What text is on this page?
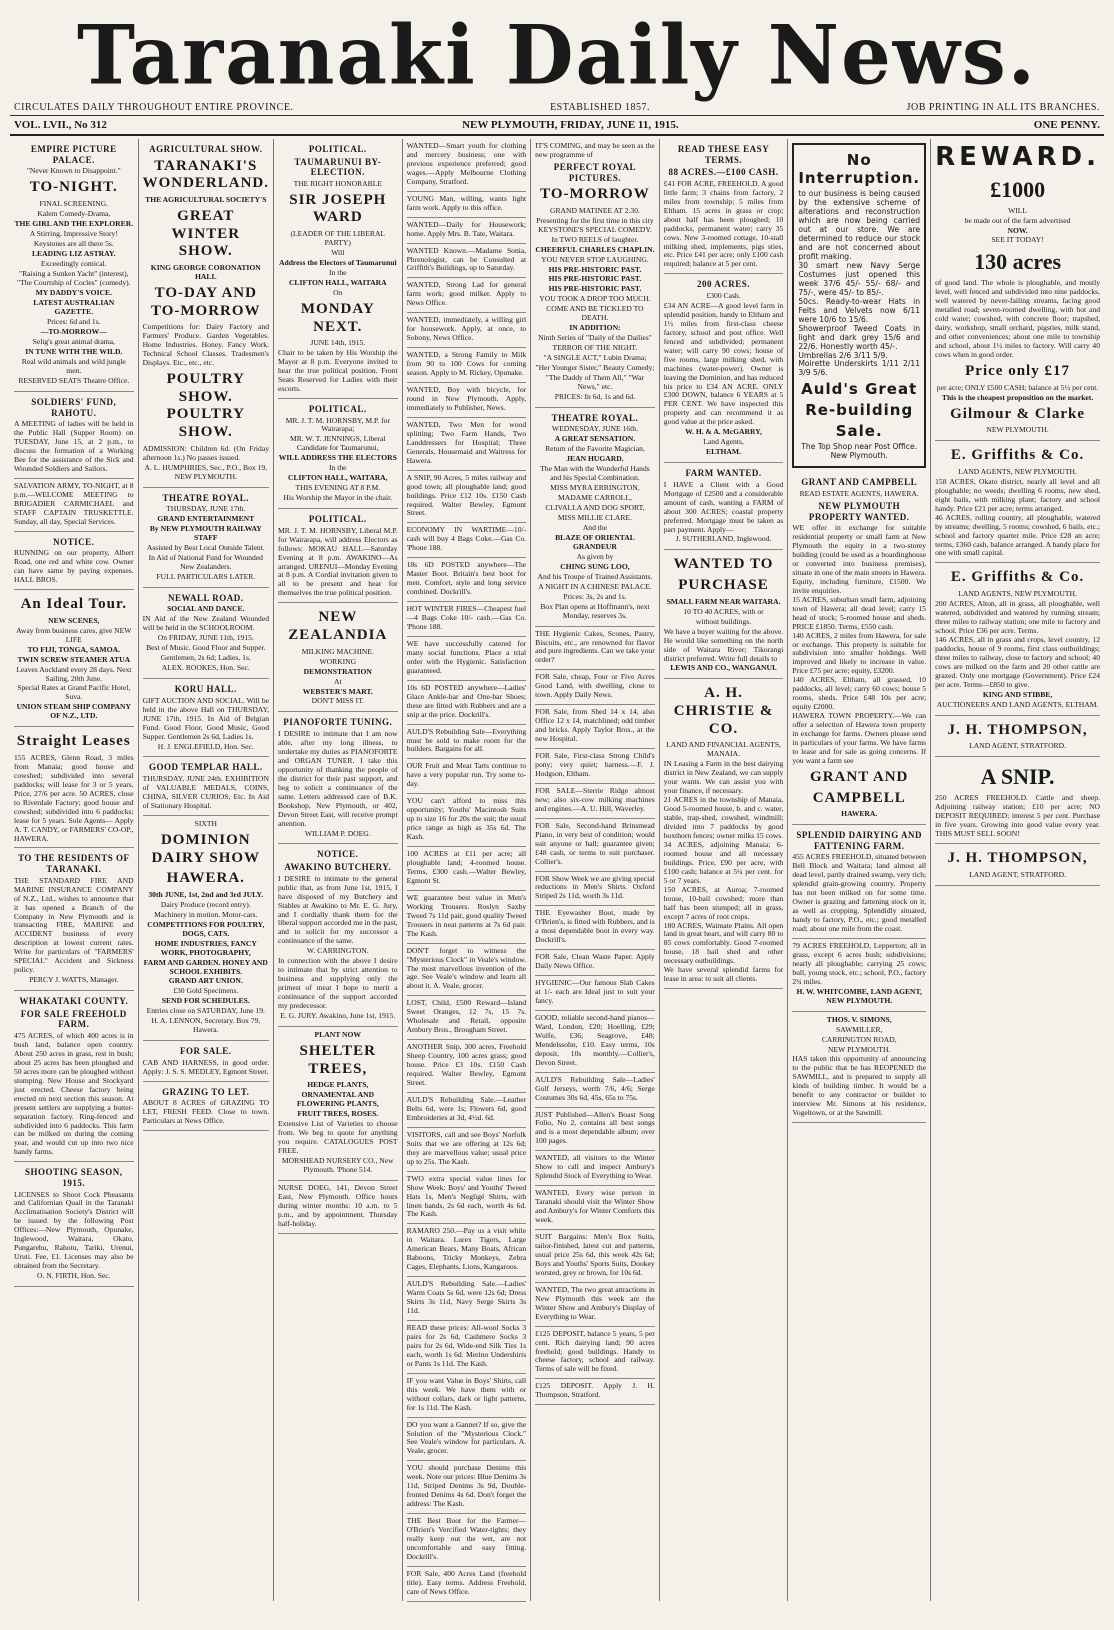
Taranaki Daily News.
CIRCULATES DAILY THROUGHOUT ENTIRE PROVINCE.	ESTABLISHED 1857.	JOB PRINTING IN ALL ITS BRANCHES.
VOL. LVII., No 312	NEW PLYMOUTH, FRIDAY, JUNE 11, 1915.	ONE PENNY.
EMPIRE PICTURE PALACE.
"Never Known to Disappoint."
TO-NIGHT.
FINAL SCREENING.
Kalem Comedy-Drama,
THE GIRL AND THE EXPLORER.
A Stirring, Impressive Story!
Keystones are all there 5s.
LEADING LIZ ASTRAY.
Exceedingly comical.
"Raising a Sunken Yacht" (interest),
"The Courtship of Cocles" (comedy).
MY DADDY'S VOICE.
LATEST AUSTRALIAN GAZETTE.
Prices: 6d and 1s.
—TO-MORROW—
Selig's great animal drama,
IN TUNE WITH THE WILD.
Real wild animals and wild jungle men.
RESERVED SEATS Theatre Office.
SOLDIERS' FUND, RAHOTU.
A MEETING of ladies will be held in the Public Hall (Supper Room) on TUESDAY, June 15, at 2 p.m., to discuss the formation of a Working Bee for the assistance of the Sick and Wounded Soldiers and Sailors.
SALVATION ARMY, TO-NIGHT, at 8 p.m.—WELCOME MEETING to BRIGADIER CARMICHAEL and STAFF CAPTAIN TRUSKETTLE. Sunday, all day, Special Services.
NOTICE.
RUNNING on our property, Albert Road, one red and white cow. Owner can have same by paying expenses. HALL BROS.
An Ideal Tour.
NEW SCENES,
Away from business cares, give NEW LIFE
TO FIJI, TONGA, SAMOA.
TWIN SCREW STEAMER ATUA
Leaves Auckland every 28 days. Next Sailing, 20th June.
Special Rates at Grand Pacific Hotel, Suva.
UNION STEAM SHIP COMPANY OF N.Z., LTD.
Straight Leases
155 ACRES, Glenn Road, 3 miles from Manaia; good house and cowshed; subdivided into several paddocks; will lease for 3 or 5 years. Price, 27/6 per acre. 50 ACRES, close to Riverdale Factory; good house and cowshed; subdivided into 6 paddocks; lease for 5 years. Sole Agents— Apply A. T. CANDY, or FARMERS' CO-OP., HAWERA.
TO THE RESIDENTS OF TARANAKI.
THE STANDARD FIRE AND MARINE INSURANCE COMPANY of N.Z., Ltd., wishes to announce that it has opened a Branch of the Company in New Plymouth and is transacting FIRE, MARINE and ACCIDENT business of every description at lowest current rates. Write for particulars of "FARMERS' SPECIAL" Accident and Sickness policy.
PERCY J. WATTS, Manager.
WHAKATAKI COUNTY.
FOR SALE FREEHOLD FARM.
475 ACRES, of which 400 acres is in bush land, balance open country. About 250 acres in grass, rest in bush; about 25 acres has been ploughed and 50 acres more can be ploughed without stumping. New House and Stockyard just erected. Cheese factory being erected on next section this season. At present settlers are supplying a butter-separation factory. Ring-fenced and subdivided into 6 paddocks. This farm can be milked on during the coming year, and would cut up into two nice handy farms.
SHOOTING SEASON, 1915.
LICENSES to Shoot Cock Pheasants and Californian Quail in the Taranaki Acclimatisation Society's District will be issued by the following Post Offices:—New Plymouth, Opunake, Inglewood, Waitara, Okato, Pungarehu, Rahotu, Tariki, Urenui, Uruti. Fee, £1. Licenses may also be obtained from the Secretary.
O. N. FIRTH, Hon. Sec.
AGRICULTURAL SHOW.
TARANAKI'S WONDERLAND.
THE AGRICULTURAL SOCIETY'S
GREAT WINTER SHOW.
KING GEORGE CORONATION HALL
TO-DAY AND TO-MORROW
Competitions for: Dairy Factory and Farmers' Produce. Garden Vegetables. Home Industries. Honey. Fancy Work. Technical School Classes. Tradesmen's Displays. Etc., etc., etc.
POULTRY SHOW. POULTRY SHOW.
ADMISSION: Children 6d. (On Friday afternoon 1s.) No passes issued.
A. L. HUMPHRIES, Sec., P.O., Box 19, NEW PLYMOUTH.
THEATRE ROYAL.
THURSDAY, JUNE 17th.
GRAND ENTERTAINMENT
By NEW PLYMOUTH RAILWAY STAFF
Assisted by Best Local Outside Talent.
In Aid of National Fund for Wounded New Zealanders.
FULL PARTICULARS LATER.
NEWALL ROAD.
SOCIAL AND DANCE.
IN Aid of the New Zealand Wounded will be held in the SCHOOLROOM.
On FRIDAY, JUNE 11th, 1915.
Best of Music. Good Floor and Supper.
Gentlemen, 2s 6d; Ladies, 1s.
ALEX. ROOKES, Hon. Sec.
KORU HALL.
GIFT AUCTION AND SOCIAL. Will be held in the above Hall on THURSDAY, JUNE 17th, 1915. In Aid of Belgian Fund. Good Floor, Good Music, Good Supper. Gentlemen 2s 6d, Ladies 1s.
H. J. ENGLEFIELD, Hon. Sec.
GOOD TEMPLAR HALL.
THURSDAY, JUNE 24th. EXHIBITION of VALUABLE MEDALS, COINS, CHINA, SILVER CURIOS, Etc. In Aid of Stationary Hospital.
SIXTH
DOMINION DAIRY SHOW
HAWERA.
30th JUNE, 1st, 2nd and 3rd JULY.
Dairy Produce (record entry).
Machinery in motion. Motor-cars.
COMPETITIONS FOR POULTRY, DOGS, CATS.
HOME INDUSTRIES, FANCY WORK, PHOTOGRAPHY,
FARM AND GARDEN. HONEY AND SCHOOL EXHIBITS.
GRAND ART UNION.
£30 Gold Specimens.
SEND FOR SCHEDULES.
Entries close on SATURDAY, June 19.
H. A. LENNON, Secretary. Box 79, Hawera.
FOR SALE.
CAB AND HARNESS, in good order. Apply: J. S. S. MEDLEY, Egmont Street.
GRAZING TO LET.
ABOUT 8 ACRES of GRAZING TO LET, FRESH FEED. Close to town. Particulars at News Office.
POLITICAL.
TAUMARUNUI BY-ELECTION.
THE RIGHT HONORABLE
SIR JOSEPH WARD
(LEADER OF THE LIBERAL PARTY)
Will
Address the Electors of Taumarunui
In the
CLIFTON HALL, WAITARA
On
MONDAY NEXT.
JUNE 14th, 1915.
Chair to be taken by His Worship the Mayor at 8 p.m. Everyone invited to hear the true political position. Front Seats Reserved for Ladies with their escorts.
POLITICAL.
MR. J. T. M. HORNSBY, M.P. for Wairarapa;
MR. W. T. JENNINGS, Liberal Candidate for Taumarunui,
WILL ADDRESS THE ELECTORS
In the
CLIFTON HALL, WAITARA,
THIS EVENING AT 8 P.M.
His Worship the Mayor in the chair.
POLITICAL.
MR. J. T. M. HORNSBY, Liberal M.P. for Wairarapa, will address Electors as follows: MOKAU HALL—Saturday Evening at 8 p.m. AWAKINO—As arranged. URENUI—Monday Evening at 8 p.m. A Cordial invitation given to all to be present and hear for themselves the true political position.
NEW ZEALANDIA
MILKING MACHINE.
WORKING
DEMONSTRATION
At
WEBSTER'S MART.
DON'T MISS IT.
PIANOFORTE TUNING.
I DESIRE to intimate that I am now able, after my long illness, to undertake my duties as PIANOFORTE and ORGAN TUNER. I take this opportunity of thanking the people of the district for their past support, and beg to solicit a continuance of the same. Letters addressed care of B.K. Bookshop, New Plymouth, or 402, Devon Street East, will receive prompt attention.
WILLIAM P. DOEG.
NOTICE.
AWAKINO BUTCHERY.
I DESIRE to intimate to the general public that, as from June 1st, 1915, I have disposed of my Butchery and Stables at Awakino to Mr. E. G. Jury, and I cordially thank them for the liberal support accorded me in the past, and to solicit for my successor a continuance of the same.
W. CARRINGTON.
In connection with the above I desire to intimate that by strict attention to business and supplying only the primest of meat I hope to merit a continuance of the support accorded my predecessor.
E. G. JURY. Awakino, June 1st, 1915.
PLANT NOW
SHELTER TREES,
HEDGE PLANTS,
ORNAMENTAL AND FLOWERING PLANTS,
FRUIT TREES, ROSES.
Extensive List of Varieties to choose from. We beg to quote for anything you require. CATALOGUES POST FREE.
MORSHEAD NURSERY CO., New Plymouth. 'Phone 514.
NURSE DOEG, 141, Devon Street East, New Plymouth. Office hours during winter months: 10 a.m. to 5 p.m., and by appointment. Thursday half-holiday.
WANTED—Smart youth for clothing and mercery business; one with previous experience preferred; good wages.—Apply Melbourne Clothing Company, Stratford.
YOUNG Man, willing, wants light farm work. Apply to this office.
WANTED—Daily for Housework; home. Apply Mrs. B. Tate, Waitara.
WANTED Known.—Madame Sonia, Phrenologist, can be Consulted at Griffith's Buildings, up to Saturday.
WANTED, Strong Lad for general farm work; good milker. Apply to News Office.
WANTED, immediately, a willing girl for housework. Apply, at once, to Sobony, News Office.
WANTED, a Strong Family to Milk from 90 to 100 Cows for coming season. Apply to M. Rickey, Opunake.
WANTED, Boy with bicycle, for round in New Plymouth. Apply, immediately to Publisher, News.
WANTED, Two Men for wood splitting; Two Farm Hands, Two Landdressers for Hospital; Three Generals, Housemaid and Waitress for Hawera.
A SNIP, 90 Acres, 5 miles railway and good town; all ploughable land; good buildings. Price £12 10s. £150 Cash required. Walter Bewley, Egmont Street.
ECONOMY IN WARTIME—10/- cash will buy 4 Bags Coke.—Gas Co. 'Phone 188.
18s 6D POSTED anywhere—The Master Boot. Britain's best boot for men. Comfort, style and long service combined. Dockrill's.
HOT WINTER FIRES—Cheapest fuel—4 Bags Coke 10/- cash.—Gas Co. 'Phone 188.
WE have successfully catered for many social functions. Place a trial order with the Hygienic. Satisfaction guaranteed.
10s 6D POSTED anywhere—Ladies' Glace Ankle-bar and One-bar Shoes; these are fitted with Rubbers and are a snip at the price. Dockrill's.
AULD'S Rebuilding Sale—Everything must be sold to make room for the builders. Bargains for all.
OUR Fruit and Meat Tarts continue to have a very popular run. Try some to-day.
YOU can't afford to miss this opportunity; Youths' Macintosh Suits up to size 16 for 20s the suit; the usual price range as high as 35s 6d. The Kash.
100 ACRES at £11 per acre; all ploughable land; 4-roomed house. Terms, £300 cash.—Walter Bewley, Egmont St.
WE guarantee best value in Men's Working Trousers. Roslyn Saxby Tweed 7s 11d pair, good quality Tweed Trousers in neat patterns at 7s 6d pair. The Kash.
DON'T forget to witness the "Mysterious Clock" in Veale's window. The most marvellous invention of the age. See Veale's window and learn all about it. A. Veale, grocer.
LOST, Child, £500 Reward—Island Sweet Oranges, 12 7s, 15 7s. Wholesale and Retail, opposite Ambury Bros., Brougham Street.
ANOTHER Snip, 300 acres, Freehold Sheep Country, 100 acres grass; good house. Price £3 10s. £150 Cash required. Walter Bewley, Egmont Street.
AULD'S Rebuilding Sale.—Leather Belts 6d, were 1s; Flowers 6d, good Embroideries at 3d, 4½d. 6d.
VISITORS, call and see Boys' Norfolk Suits that we are offering at 12s 6d; they are marvellous value; usual price up to 25s. The Kash.
TWO extra special value lines for Show Week: Boys' and Youths' Tweed Hats 1s, Men's Negligé Shirts, with linen bands, 2s 6d each, worth 4s 6d. The Kash.
RAMARO 250.—Pay us a visit while in Waitara. Lurex Tigers, Large American Bears, Many Boats, African Baboons, Tricky Monkeys, Zebra Cages, Elephants, Lions, Kangaroos.
AULD'S Rebuilding Sale.—Ladies' Warm Coats 5s 6d, were 12s 6d; Dress Skirts 3s 11d, Navy Serge Skirts 3s 11d.
READ these prices: All-wool Socks 3 pairs for 2s 6d, Cashmere Socks 3 pairs for 2s 6d, Wide-end Silk Ties 1s each, worth 1s 6d. Merino Undershirts or Pants 1s 11d. The Kash.
IF you want Value in Boys' Shirts, call this week. We have them with or without collars, dark or light patterns, for 1s 11d. The Kash.
DO you want a Gannet? If so, give the Solution of the "Mysterious Clock." See Veale's window for particulars. A. Veale, grocer.
YOU should purchase Denims this week. Note our prices: Blue Denims 3s 11d, Striped Denims 3s 9d, Double-fronted Denims 4s 6d. Don't forget the address: The Kash.
THE Best Boot for the Farmer—O'Brien's Vercified Water-tights; they really keep out the wet, are not uncomfortable and easy fitting. Dockrill's.
FOR Sale, 400 Acres Land (freehold title). Easy terms. Address Freehold, care of News Office.
IT'S COMING, and may be seen as the new programme of
PERFECT ROYAL PICTURES.
TO-MORROW
GRAND MATINEE AT 2.30.
Presenting for the first time in this city KEYSTONE'S SPECIAL COMEDY.
In TWO REELS of laughter.
CHEERFUL CHARLES CHAPLIN.
YOU NEVER STOP LAUGHING.
HIS PRE-HISTORIC PAST.
HIS PRE-HISTORIC PAST.
HIS PRE-HISTORIC PAST.
YOU TOOK A DROP TOO MUCH.
COME AND BE TICKLED TO DEATH.
IN ADDITION:
Ninth Series of "Daily of the Dailies"
TERROR OF THE NIGHT.
"A SINGLE ACT," Lubin Drama;
"Her Younger Sister," Beauty Comedy;
"The Daddy of Them All," "War News," etc.
PRICES: In 6d, 1s and 6d.
THEATRE ROYAL.
WEDNESDAY, JUNE 16th.
A GREAT SENSATION.
Return of the Favorite Magician,
JEAN HUGARD.
The Man with the Wonderful Hands and his Special Combination.
MISS MYRA ERRINGTON,
MADAME CARROLL,
CLIVALLA AND DOG SPORT,
MISS MILLIE CLARE.
And the
BLAZE OF ORIENTAL GRANDEUR
As given by
CHING SUNG LOO,
And his Troupe of Trained Assistants.
A NIGHT IN A CHINESE PALACE.
Prices: 3s, 2s and 1s.
Box Plan opens at Hoffmann's, next Monday, reserves 3s.
THE Hygienic Cakes, Scones, Pastry, Biscuits, etc., are renowned for flavor and pure ingredients. Can we take your order?
FOR Sale, cheap, Four or Five Acres Good Land, with dwelling, close to town. Apply Daily News.
FOR Sale, from Shed 14 x 14, also Office 12 x 14, matchlined; odd timber and bricks. Apply Taylor Bros., at the new Hospital.
FOR Sale, First-class Strong Child's pony; very quiet; harness.—F. J. Hodgson, Eltham.
FOR SALE—Sterrie Ridge almost new; also six-cow milking machines and engines.—A. U. Hill, Waverley.
FOR Sale, Second-hand Brinsmead Piano, in very best of condition; would suit anyone or hall; guarantee given; £48 cash, or terms to suit purchaser. Collier's.
FOR Show Week we are giving special reductions in Men's Shirts. Oxford Striped 2s 11d, worth 3s 11d.
THE Eyewasher Boot, made by O'Brien's, is fitted with Rubbers, and is a most dependable boot in every way. Dockrill's.
FOR Sale, Clean Waste Paper. Apply Daily News Office.
HYGIENIC—Our famous Slab Cakes at 1/- each are Ideal just to suit your fancy.
GOOD, reliable second-hand pianos—Ward, London, £20; Hoelling, £29; Wulfe, £36; Seagrove, £48; Mendelssohn, £10. Easy terms, 10s deposit, 10s monthly.—Collier's, Devon Street.
AULD'S Rebuilding Sale—Ladies' Golf Jerseys, worth 7/6, 4/6; Serge Costumes 30s 6d, 45s, 65s to 75s.
JUST Published—Allen's Boast Song Folio, No 2, contains all best songs and is a most dependable album; over 100 pages.
WANTED, all visitors to the Winter Show to call and inspect Ambury's Splendid Stock of Everything to Wear.
WANTED, Every wise person in Taranaki should visit the Winter Show and Ambury's for Winter Comforts this week.
SUIT Bargains: Men's Box Suits, tailor-finished, latest cut and patterns, usual price 25s 6d, this week 42s 6d; Boys and Youths' Sports Suits, Dookey worsted, grey or brown, for 10s 6d.
WANTED, The two great attractions in New Plymouth this week are the Winter Show and Ambury's Display of Everything to Wear.
£125 DEPOSIT, balance 5 years, 5 per cent. Rich dairying land; 90 acres freehold; good buildings. Handy to cheese factory, school and railway. Terms of sale will be fixed.
£125 DEPOSIT. Apply J. H. Thompson, Stratford.
READ THESE EASY TERMS.
88 ACRES.—£100 CASH.
£41 FOR ACRE, FREEHOLD. A good little farm; 3 chains from factory, 2 miles from township; 5 miles from Eltham. 15 acres in grass or crop; about half has been ploughed; 10 paddocks, permanent water; carry 35 cows. New 3-roomed cottage, 10-stall milking shed, implements, pigs sties, etc. Price £41 per acre; only £100 cash required; balance at 5 per cent.
200 ACRES.
£300 Cash.
£34 AN ACRE—A good level farm in splendid position, handy to Eltham and 1½ miles from first-class cheese factory, school and post office. Well fenced and subdivided; permanent water; will carry 90 cows; house of five rooms, large milking shed, with machines (water-power). Owner is leaving the Dominion, and has reduced his price to £34 AN ACRE. ONLY £300 DOWN, balance 6 YEARS at 5 PER CENT. We have inspected this property and can recommend it as good value at the price asked.
W. H. & A. McGARRY,
Land Agents,
ELTHAM.
FARM WANTED.
I HAVE a Client with a Good Mortgage of £2500 and a considerable amount of cash, wanting a FARM of about 300 ACRES; coastal property preferred. Mortgage must be taken as part payment. Apply—
J. SUTHERLAND, Inglewood.
WANTED TO
PURCHASE
SMALL FARM NEAR WAITARA.
10 TO 40 ACRES, with or
without buildings.
We have a buyer waiting for the above. He would like something on the north side of Waitara River; Tikorangi district preferred. Write full details to
LEWIS AND CO., WANGANUI.
A. H. CHRISTIE & CO.
LAND AND FINANCIAL AGENTS, MANAIA.
IN Leasing a Farm in the best dairying district in New Zealand, we can supply your wants. We can assist you with your finance, if necessary.
21 ACRES in the township of Manaia, Good 5-roomed house, b. and c. water, stable, trap-shed, cowshed, windmill; divided into 7 paddocks by good boxthorn fences; owner milks 15 cows.
34 ACRES, adjoining Manaia; 6-roomed house and all necessary buildings. Price, £90 per acre, with £100 cash; balance at 5¼ per cent. for 5 or 7 years.
150 ACRES, at Auroa; 7-roomed house, 10-bail cowshed; more than half has been stumped; all in grass, except 7 acres of root crops.
180 ACRES, Waimate Plains. All open land in great heart, and will carry 80 to 85 cows comfortably. Good 7-roomed house, 18 bail shed and other necessary outbuildings.
We have several splendid farms for lease in area: to suit all clients.
No Interruption.
to our business is being caused by the extensive scheme of alterations and reconstruction which are now being carried out at our store. We are determined to reduce our stock and are not concerned about profit making.
30 smart new Navy Serge Costumes just opened this week 37/6 45/- 55/- 68/- and 75/-, were 45/- to 85/-.
50cs. Ready-to-wear Hats in Felts and Velvets now 6/11 were 10/6 to 15/6.
Showerproof Tweed Coats in light and dark grey 15/6 and 22/6. Honestly worth 45/-.
Umbrellas 2/6 3/11 5/9.
Moirette Underskirts 1/11 2/11 3/9 5/6.
Auld's Great
Re-building
Sale.
The Top Shop near Post Office. New Plymouth.
GRANT AND CAMPBELL
READ ESTATE AGENTS, HAWERA.
NEW PLYMOUTH PROPERTY WANTED.
WE offer in exchange for suitable residential property or small farm at New Plymouth the equity in a two-storey building (could be used as a boardinghouse or converted into business premises), situate in one of the main streets in Hawera. Equity, including furniture, £1500. We invite enquiries.
15 ACRES, suburban small farm, adjoining town of Hawera; all dead level; carry 15 head of stock; 5-roomed house and sheds. PRICE £1850. Terms, £550 cash.
140 ACRES, 2 miles from Hawera, for sale or exchange. This property is suitable for subdivision into smaller holdings. Well improved and likely to increase in value. Price £75 per acre; equity, £3200.
140 ACRES, Eltham, all grassed, 10 paddocks, all level; carry 60 cows; house 5 rooms, sheds. Price £48 10s per acre; equity £2000.
HAWERA TOWN PROPERTY.—We can offer a selection of Hawera town property in exchange for farms. Owners please send in particulars of your farms. We have farms to lease and for sale as going concerns. If you want a farm see
GRANT AND
CAMPBELL
HAWERA.
SPLENDID DAIRYING AND FATTENING FARM.
455 ACRES FREEHOLD, situated between Bell Block and Waitara; land almost all dead level, partly drained swamp, very rich; splendid grain-growing country. Property has not been milked on for some time. Owner is grazing and fattening stock on it, as well as cropping. Splendidly situated, handy to factory, P.O., etc.; good metalled road; about one mile from the coast.
79 ACRES FREEHOLD, Lepperton; all in grass, except 6 acres bush; subdivisions; nearly all ploughable; carrying 25 cows; bull, young stock, etc.; school, P.O., factory 2¾ miles.
H. W. WHITCOMBE, LAND AGENT, NEW PLYMOUTH.
THOS. V. SIMONS,
SAWMILLER,
CARRINGTON ROAD,
NEW PLYMOUTH.
HAS taken this opportunity of announcing to the public that he has REOPENED the SAWMILL, and is prepared to supply all kinds of building timber. It would be a benefit to any contractor or builder to interview Mr. Simons at his residence, Vogeltown, or at the Sawmill.
REWARD.
£1000
WILL
be made out of the farm advertised
NOW.
SEE IT TODAY!
130 acres
of good land. The whole is ploughable, and mostly level, well fenced and subdivided into nine paddocks, well watered by never-failing streams, facing good metalled road; seven-roomed dwelling, with hot and cold water; cowshed, with concrete floor; trapshed, dairy, workshop, small orchard, pigsties, milk stand, and other conveniences; about one mile to township and school, about 1½ miles to factory. Will carry 40 cows when in good order.
Price only £17
per acre; ONLY £500 CASH; balance at 5½ per cent.
This is the cheapest proposition on the market.
Gilmour & Clarke
NEW PLYMOUTH.
E. Griffiths & Co.
LAND AGENTS, NEW PLYMOUTH.
158 ACRES, Okato district, nearly all level and all ploughable; no weeds; dwelling 6 rooms, new shed, eight bails, with milking plant; factory and school handy. Price £21 per acre; terms arranged.
46 ACRES, rolling country, all ploughable, watered by streams; dwelling, 5 rooms; cowshed, 6 bails, etc.; school and factory quarter mile. Price £28 an acre; terms, £360 cash, balance arranged. A handy place for one with small capital.
E. Griffiths & Co.
LAND AGENTS, NEW PLYMOUTH.
200 ACRES, Alton, all in grass, all ploughable, well watered, subdivided and watered by running stream; three miles to railway station; one mile to factory and school. Price £36 per acre. Terms.
146 ACRES, all in grass and crops, level country, 12 paddocks, house of 9 rooms, first class outbuildings; three miles to railway, close to factory and school; 40 cows are milked on the farm and 20 other cattle are grazed. Only one mortgage (Government). Price £24 per acre. Terms—£850 to give.
KING AND STIBBE,
AUCTIONEERS AND LAND AGENTS, ELTHAM.
J. H. THOMPSON,
LAND AGENT, STRATFORD.
A SNIP.
250 ACRES FREEHOLD. Cattle and sheep. Adjoining railway station; £10 per acre; NO DEPOSIT REQUIRED; interest 5 per cent. Purchase in five years. Growing into good value every year. THIS MUST SELL SOON!
J. H. THOMPSON,
LAND AGENT, STRATFORD.
